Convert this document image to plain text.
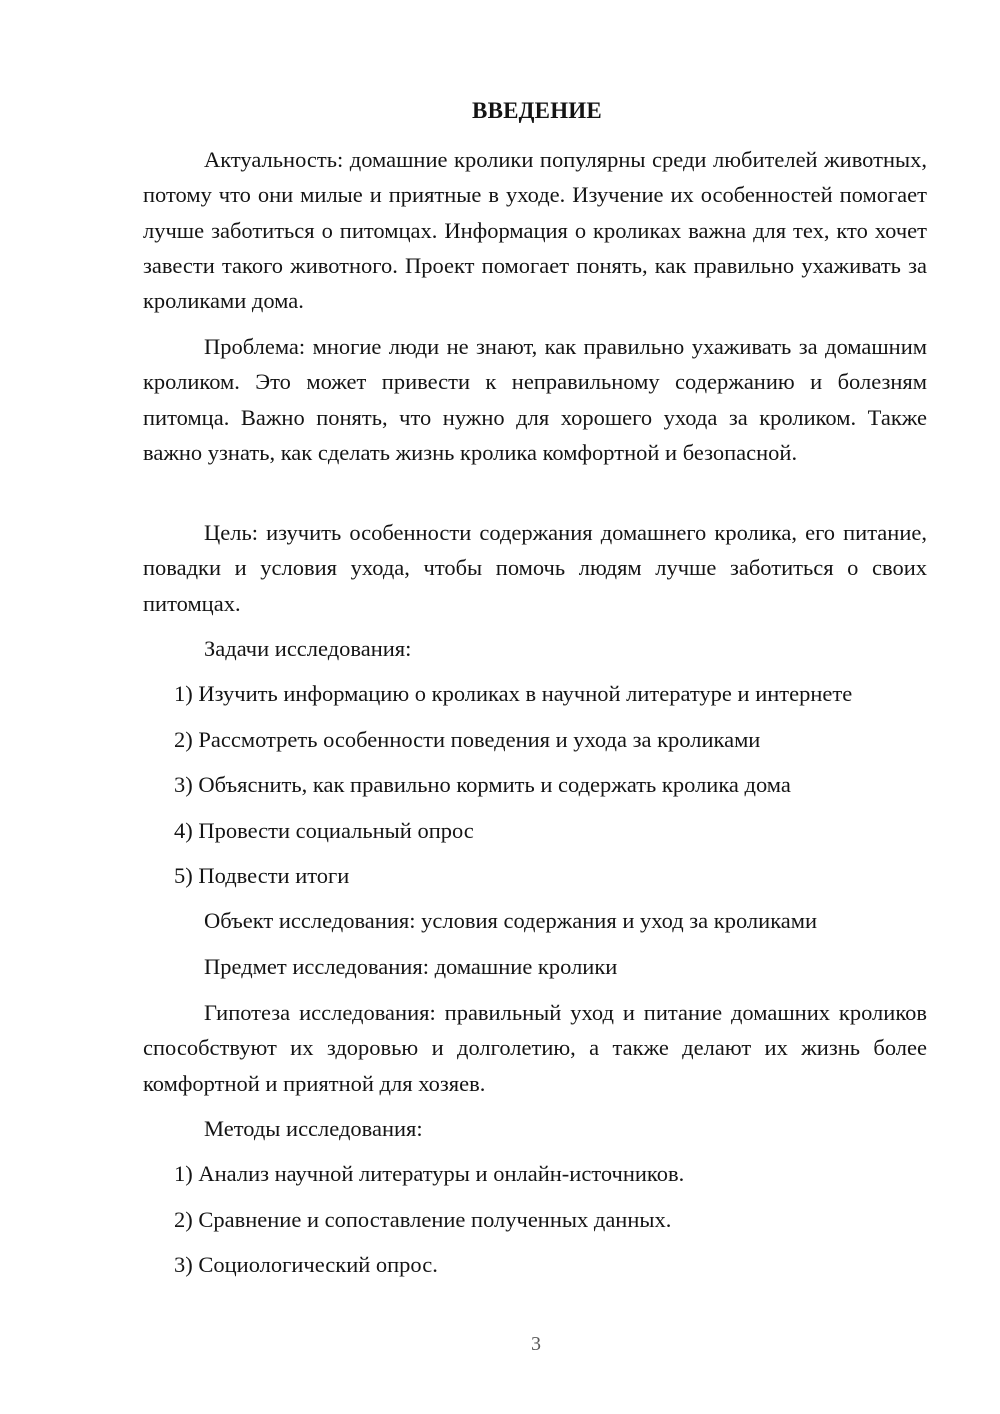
ВВЕДЕНИЕ

Актуальность: домашние кролики популярны среди любителей животных, потому что они милые и приятные в уходе. Изучение их особенностей помогает лучше заботиться о питомцах. Информация о кроликах важна для тех, кто хочет завести такого животного. Проект помогает понять, как правильно ухаживать за кроликами дома.

Проблема: многие люди не знают, как правильно ухаживать за домашним кроликом. Это может привести к неправильному содержанию и болезням питомца. Важно понять, что нужно для хорошего ухода за кроликом. Также важно узнать, как сделать жизнь кролика комфортной и безопасной.

Цель: изучить особенности содержания домашнего кролика, его питание, повадки и условия ухода, чтобы помочь людям лучше заботиться о своих питомцах.

Задачи исследования:

1) Изучить информацию о кроликах в научной литературе и интернете

2) Рассмотреть особенности поведения и ухода за кроликами

3) Объяснить, как правильно кормить и содержать кролика дома

4) Провести социальный опрос

5) Подвести итоги

Объект исследования: условия содержания и уход за кроликами

Предмет исследования: домашние кролики

Гипотеза исследования: правильный уход и питание домашних кроликов способствуют их здоровью и долголетию, а также делают их жизнь более комфортной и приятной для хозяев.

Методы исследования:

1) Анализ научной литературы и онлайн-источников.

2) Сравнение и сопоставление полученных данных.

3) Социологический опрос.

3
